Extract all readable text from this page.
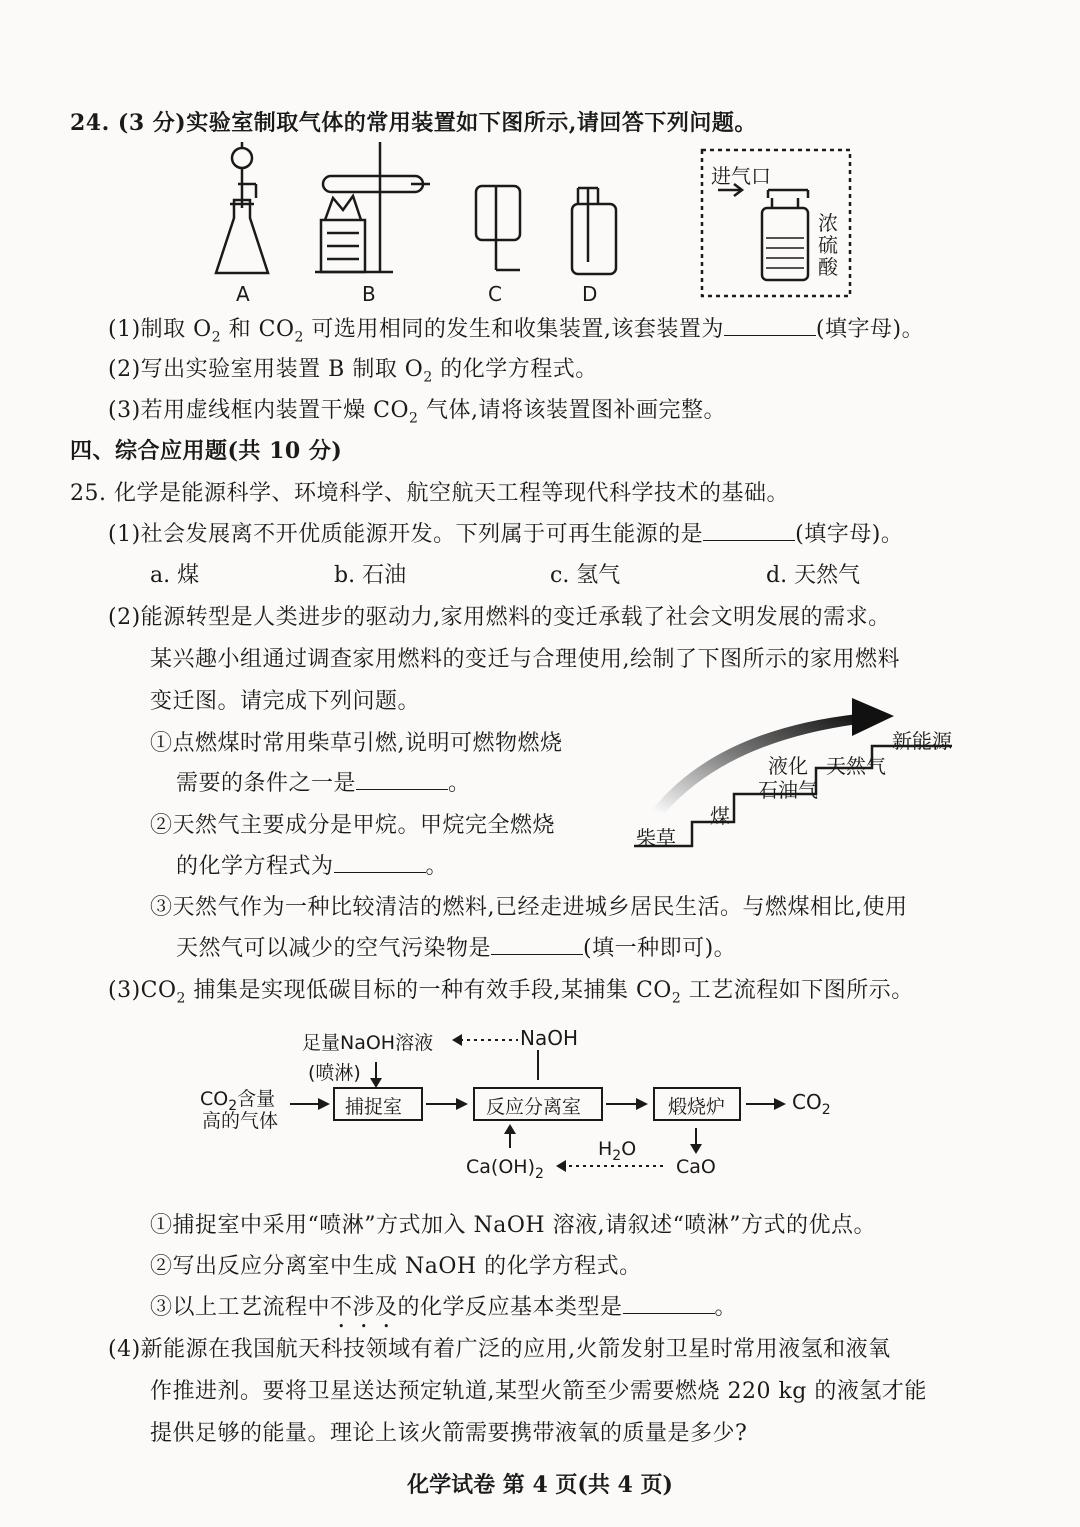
24. (3 分)实验室制取气体的常用装置如下图所示,请回答下列问题。
进气口
浓硫酸
A	B	C	D
(1)制取 $O_2$ 和 $CO_2$ 可选用相同的发生和收集装置,该套装置为	(填字母)。
(2)写出实验室用装置 B 制取 $O_2$ 的化学方程式。
(3)若用虚线框内装置干燥 $CO_2$ 气体,请将该装置图补画完整。
四、综合应用题(共 10 分)
25. 化学是能源科学、环境科学、航空航天工程等现代科学技术的基础。
(1)社会发展离不开优质能源开发。下列属于可再生能源的是	(填字母)。
a. 煤	b. 石油	c. 氢气	d. 天然气
(2)能源转型是人类进步的驱动力,家用燃料的变迁承载了社会文明发展的需求。
某兴趣小组通过调查家用燃料的变迁与合理使用,绘制了下图所示的家用燃料
变迁图。请完成下列问题。
①点燃煤时常用柴草引燃,说明可燃物燃烧
需要的条件之一是	。
②天然气主要成分是甲烷。甲烷完全燃烧
的化学方程式为	。
柴草
煤
液化
石油气
天然气
新能源
③天然气作为一种比较清洁的燃料,已经走进城乡居民生活。与燃煤相比,使用
天然气可以减少的空气污染物是	(填一种即可)。
$(3)CO_2$ 捕集是实现低碳目标的一种有效手段,某捕集 $CO_2$ 工艺流程如下图所示。
足量NaOH溶液	NaOH
(喷淋)
$CO_2$含量
高的气体
捕捉室	反应分离室	煅烧炉	$CO_2$
$H_2O$
$Ca(OH)_2$	CaO
①捕捉室中采用“喷淋”方式加入 NaOH 溶液,请叙述“喷淋”方式的优点。
②写出反应分离室中生成 NaOH 的化学方程式。
③以上工艺流程中不涉及的化学反应基本类型是	。
(4)新能源在我国航天科技领域有着广泛的应用,火箭发射卫星时常用液氢和液氧
作推进剂。要将卫星送达预定轨道,某型火箭至少需要燃烧 220 kg 的液氢才能
提供足够的能量。理论上该火箭需要携带液氧的质量是多少?
化学试卷 第 4 页(共 4 页)
